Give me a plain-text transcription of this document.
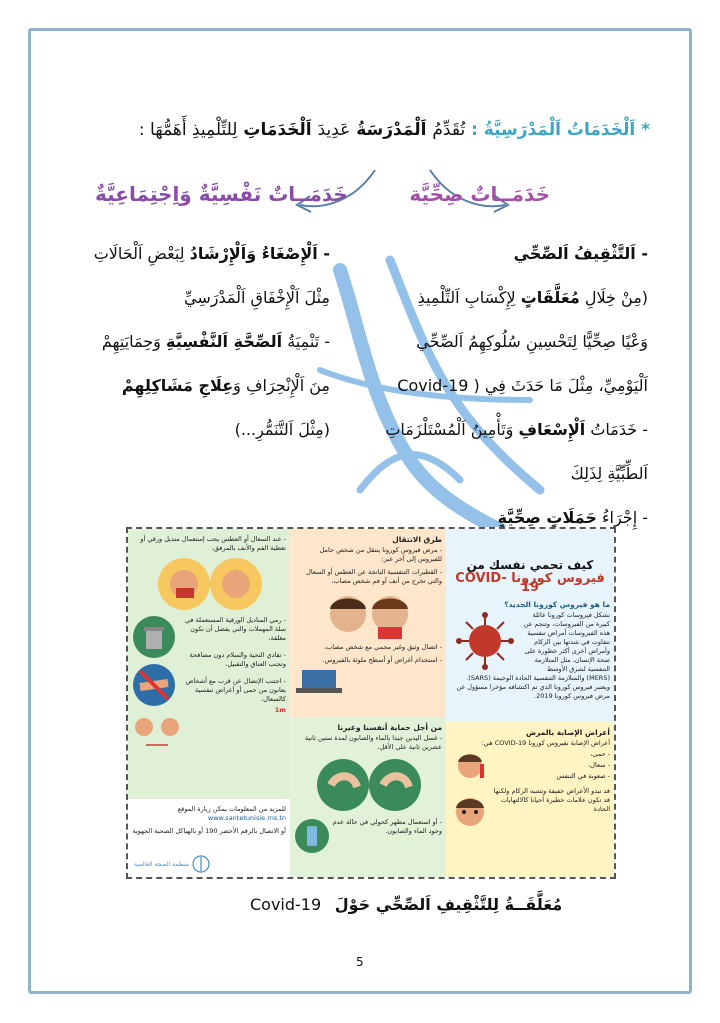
* اَلْخَدَمَاتُ اَلْمَدْرَسِيَّةُ : تُقَدِّمُ اَلْمَدْرَسَةُ عَدِيدَ اَلْخَدَمَاتِ لِلتِّلْمِيذِ أَهَمُّهَا :
خَدَمَــاتٌ صِحِّيَّة
خَدَمَــاتٌ نَفْسِيَّةٌ وَاِجْتِمَاعِيَّةٌ

- اَلتَّثْقِيفُ اَلصِّحِّي

(مِنْ خِلَالِ مُعَلَّقَاتٍ لِإِكْسَابِ اَلتِّلْمِيذِ

وَعْيًا صِحِّيًّا لِتَحْسِينِ سُلُوكِهِمُ اَلصِّحِّي

اَلْيَوْمِيِّ، مِثْلَ مَا حَدَثَ فِي Covid-19 )

- خَدَمَاتُ اَلْإِسْعَافِ وَتَأْمِينُ اَلْمُسْتَلْزَمَاتِ

اَلطِّبِّيَّةِ لِذَلِكَ

- إِجْرَاءُ حَمَلَاتٍ صِحِّيَّةٍ

- اَلْإِصْغَاءُ وَاَلْإِرْشَادُ لِبَعْضِ اَلْحَالَاتِ

مِثْلَ اَلْإِخْفَاقِ اَلْمَدْرَسِيِّ

- تَنْمِيَةُ اَلصِّحَّةِ اَلنَّفْسِيَّةِ وَحِمَايَتِهِمْ

مِنَ اَلْإِنْحِرَافِ وَعِلَاجِ مَشَاكِلِهِمْ

(مِثْلَ اَلتَّنَمُّرِ...)

كيف تحمي نفسك من
فيروس كورونا COVID-19
ما هو فيروس كورونا الجديد؟
تشكل فيروسات كورونا عائلة كبيرة من الفيروسات، وتنجم عن هذه الفيروسات أمراض تنفسية تتفاوت في شدتها بين الزكام وأمراض أخرى أكثر خطورة على صحة الإنسان، مثل المتلازمة التنفسية لشرق الأوسط (MERS) والمتلازمة التنفسية الحادة الوخيمة (SARS). ويعتبر فيروس كورونا الذي تم اكتشافه مؤخرا مسؤول عن مرض فيروس كورونا 2019.
أعراض الإصابة بالمرض
أعراض الإصابة بفيروس كورونا COVID-19 هي:
- حمى،
- سعال،
- صعوبة في التنفس
قد تبدو الأعراض خفيفة وتشبه الزكام ولكنها قد تكون علامات خطيرة أحيانا كالالتهابات الحادة
طرق الانتقال
- مرض فيروس كورونا ينتقل من شخص حامل للفيروس إلى آخر عبر:
- القطيرات التنفسية الناتجة عن العطس أو السعال والتي تخرج من أنف أو فم شخص مصاب،
- اتصال وثيق وغير محمي مع شخص مصاب،
- استخدام أغراض أو أسطح ملوثة بالفيروس.
من أجل حماية أنفسنا وغيرنا
- غسل اليدين جيدا بالماء والصابون لمدة ستين ثانية عشرين ثانية على الأقل،
- أو استعمال مطهر كحولي في حالة عدم وجود الماء والصابون.
- عند السعال أو العطس يجب إستعمال منديل ورقي أو تغطية الفم والأنف بالمرفق،
- رمي المناديل الورقية المستعملة في سلة المهملات والتي يفضل أن تكون مغلقة،
- تفادي التحية والسلام دون مصافحة وتجنب العناق والتقبيل،
- اجتنب الإتصال عن قرب مع أشخاص يعانون من حمى أو أعراض تنفسية كالسعال،
1m
للمزيد من المعلومات يمكن زيارة الموقع www.santetunisie.rns.tn
أو الاتصال بالرقم الأخضر 190 أو بالهياكل الصحية الجهوية
منظمة الصحة العالمية
مُعَلَّقَــةُ لِلتَّثْقِيفِ اَلصِّحِّي حَوْلَ Covid-19
5
